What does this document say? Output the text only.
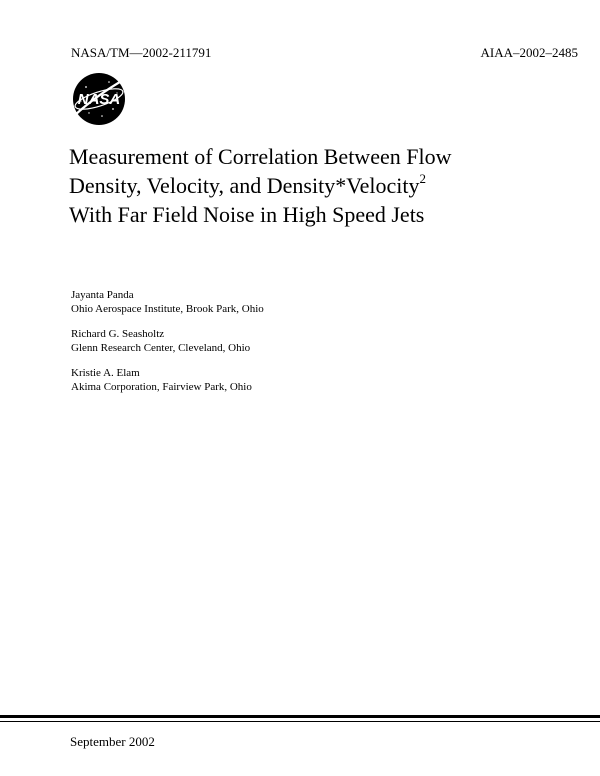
NASA/TM—2002-211791	AIAA–2002–2485
NASA
Measurement of Correlation Between Flow
Density, Velocity, and Density*Velocity$^2$
With Far Field Noise in High Speed Jets
Jayanta Panda
Ohio Aerospace Institute, Brook Park, Ohio
Richard G. Seasholtz
Glenn Research Center, Cleveland, Ohio
Kristie A. Elam
Akima Corporation, Fairview Park, Ohio
September 2002
